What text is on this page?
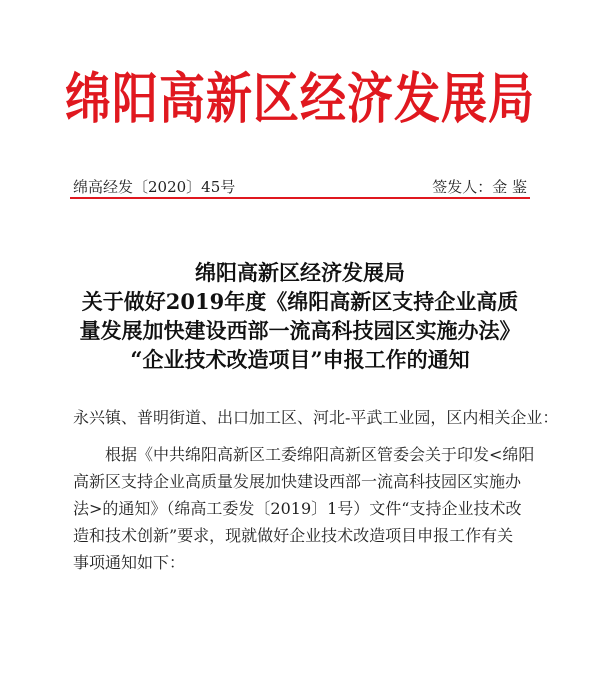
绵阳高新区经济发展局
绵高经发〔2020〕45号	签发人：金 鉴
绵阳高新区经济发展局
关于做好2019年度《绵阳高新区支持企业高质
量发展加快建设西部一流高科技园区实施办法》
“企业技术改造项目”申报工作的通知
永兴镇、普明街道、出口加工区、河北-平武工业园，区内相关企业：
根据《中共绵阳高新区工委绵阳高新区管委会关于印发<绵阳
高新区支持企业高质量发展加快建设西部一流高科技园区实施办
法>的通知》（绵高工委发〔2019〕1号）文件“支持企业技术改
造和技术创新”要求，现就做好企业技术改造项目申报工作有关
事项通知如下：
